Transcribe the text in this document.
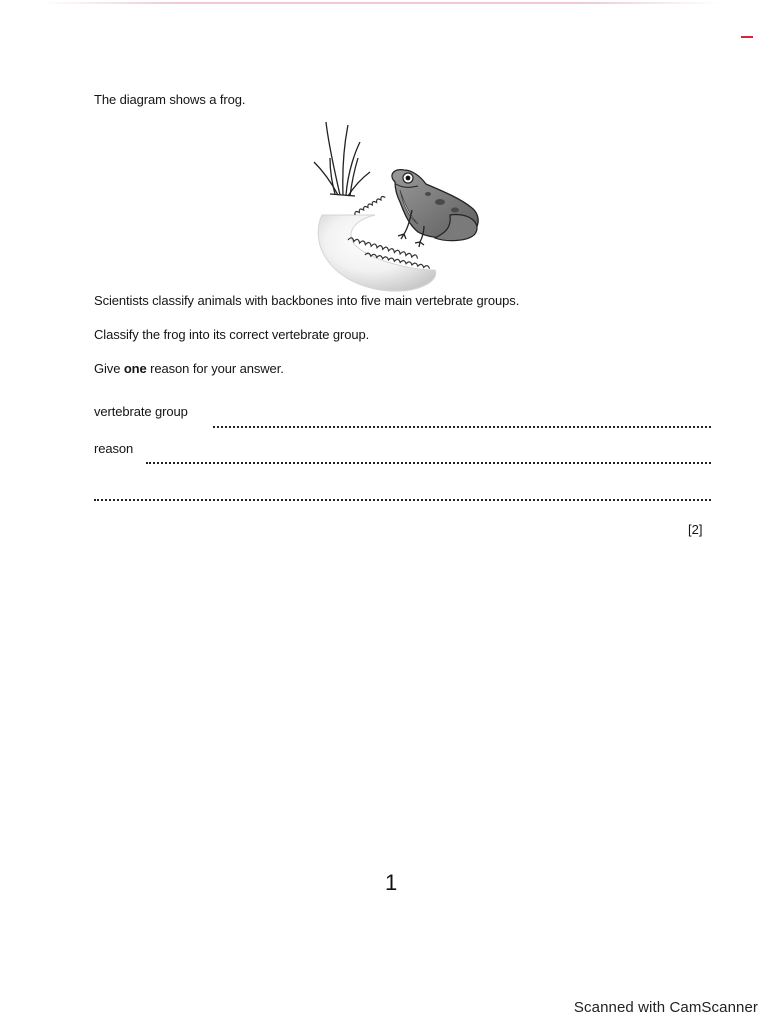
The diagram shows a frog.
Scientists classify animals with backbones into five main vertebrate groups.
Classify the frog into its correct vertebrate group.
Give one reason for your answer.
vertebrate group
reason
[2]
1
Scanned with CamScanner
